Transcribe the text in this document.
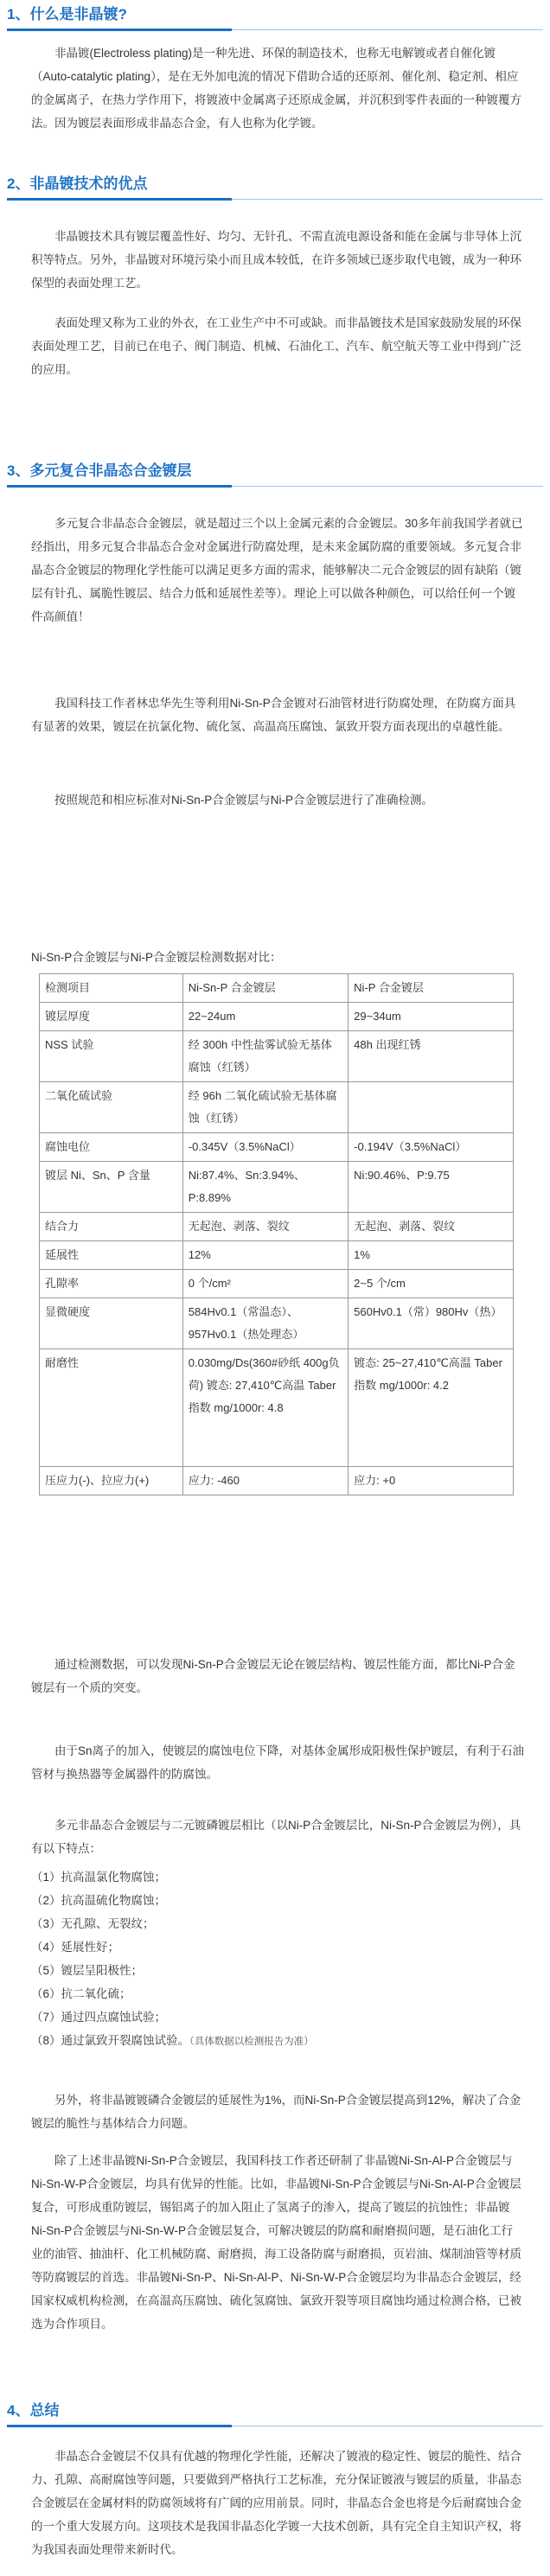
1、什么是非晶镀?

非晶镀(Electroless plating)是一种先进、环保的制造技术，也称无电解镀或者自催化镀（Auto-catalytic plating），是在无外加电流的情况下借助合适的还原剂、催化剂、稳定剂、相应的金属离子，在热力学作用下，将镀液中金属离子还原成金属，并沉积到零件表面的一种镀覆方法。因为镀层表面形成非晶态合金，有人也称为化学镀。

2、非晶镀技术的优点

非晶镀技术具有镀层覆盖性好、均匀、无针孔、不需直流电源设备和能在金属与非导体上沉积等特点。另外，非晶镀对环境污染小而且成本较低，在许多领域已逐步取代电镀，成为一种环保型的表面处理工艺。

表面处理又称为工业的外衣，在工业生产中不可或缺。而非晶镀技术是国家鼓励发展的环保表面处理工艺，目前已在电子、阀门制造、机械、石油化工、汽车、航空航天等工业中得到广泛的应用。

3、多元复合非晶态合金镀层

多元复合非晶态合金镀层，就是超过三个以上金属元素的合金镀层。30多年前我国学者就已经指出，用多元复合非晶态合金对金属进行防腐处理，是未来金属防腐的重要领域。多元复合非晶态合金镀层的物理化学性能可以满足更多方面的需求，能够解决二元合金镀层的固有缺陷（镀层有针孔、属脆性镀层、结合力低和延展性差等）。理论上可以做各种颜色，可以给任何一个镀件高颜值！

我国科技工作者林忠华先生等利用Ni-Sn-P合金镀对石油管材进行防腐处理，在防腐方面具有显著的效果，镀层在抗氯化物、硫化氢、高温高压腐蚀、氯致开裂方面表现出的卓越性能。

按照规范和相应标准对Ni-Sn-P合金镀层与Ni-P合金镀层进行了准确检测。

Ni-Sn-P合金镀层与Ni-P合金镀层检测数据对比：
检测项目	Ni-Sn-P 合金镀层	Ni-P 合金镀层
镀层厚度	22~24um	29~34um
NSS 试验	经 300h 中性盐雾试验无基体腐蚀（红锈）	48h 出现红锈
二氧化硫试验	经 96h 二氧化硫试验无基体腐蚀（红锈）	
腐蚀电位	-0.345V（3.5%NaCl）	-0.194V（3.5%NaCl）
镀层 Ni、Sn、P 含量	Ni:87.4%、Sn:3.94%、P:8.89%	Ni:90.46%、P:9.75
结合力	无起泡、剥落、裂纹	无起泡、剥落、裂纹
延展性	12%	1%
孔隙率	0 个/cm²	2~5 个/cm
显微硬度	584Hv0.1（常温态）、957Hv0.1（热处理态）	560Hv0.1（常）980Hv（热）
耐磨性	0.030mg/Ds(360#砂纸 400g负荷) 镀态: 27,410℃高温 Taber指数 mg/1000r: 4.8	镀态: 25~27,410℃高温 Taber指数 mg/1000r: 4.2
压应力(-)、拉应力(+)	应力: -460	应力: +0

通过检测数据，可以发现Ni-Sn-P合金镀层无论在镀层结构、镀层性能方面，都比Ni-P合金镀层有一个质的突变。

由于Sn离子的加入，使镀层的腐蚀电位下降，对基体金属形成阳极性保护镀层，有利于石油管材与换热器等金属器件的防腐蚀。

多元非晶态合金镀层与二元镀磷镀层相比（以Ni-P合金镀层比，Ni-Sn-P合金镀层为例），具有以下特点：

（1）抗高温氯化物腐蚀；
（2）抗高温硫化物腐蚀；
（3）无孔隙、无裂纹；
（4）延展性好；
（5）镀层呈阳极性；
（6）抗二氧化硫；
（7）通过四点腐蚀试验；
（8）通过氯致开裂腐蚀试验。（具体数据以检测报告为准）

另外，将非晶镀镀磷合金镀层的延展性为1%，而Ni-Sn-P合金镀层提高到12%，解决了合金镀层的脆性与基体结合力问题。

除了上述非晶镀Ni-Sn-P合金镀层，我国科技工作者还研制了非晶镀Ni-Sn-Al-P合金镀层与Ni-Sn-W-P合金镀层，均具有优异的性能。比如，非晶镀Ni-Sn-P合金镀层与Ni-Sn-Al-P合金镀层复合，可形成重防镀层，锡铝离子的加入阻止了氢离子的渗入，提高了镀层的抗蚀性；非晶镀Ni-Sn-P合金镀层与Ni-Sn-W-P合金镀层复合，可解决镀层的防腐和耐磨损问题，是石油化工行业的油管、抽油杆、化工机械防腐、耐磨损，海工设备防腐与耐磨损，页岩油、煤制油管等材质等防腐镀层的首选。非晶镀Ni-Sn-P、Ni-Sn-Al-P、Ni-Sn-W-P合金镀层均为非晶态合金镀层，经国家权威机构检测，在高温高压腐蚀、硫化氢腐蚀、氯致开裂等项目腐蚀均通过检测合格，已被选为合作项目。

4、总结

非晶态合金镀层不仅具有优越的物理化学性能，还解决了镀液的稳定性、镀层的脆性、结合力、孔隙、高耐腐蚀等问题，只要做到严格执行工艺标准，充分保证镀液与镀层的质量，非晶态合金镀层在金属材料的防腐领域将有广阔的应用前景。同时，非晶态合金也将是今后耐腐蚀合金的一个重大发展方向。这项技术是我国非晶态化学镀一大技术创新，具有完全自主知识产权，将为我国表面处理带来新时代。
